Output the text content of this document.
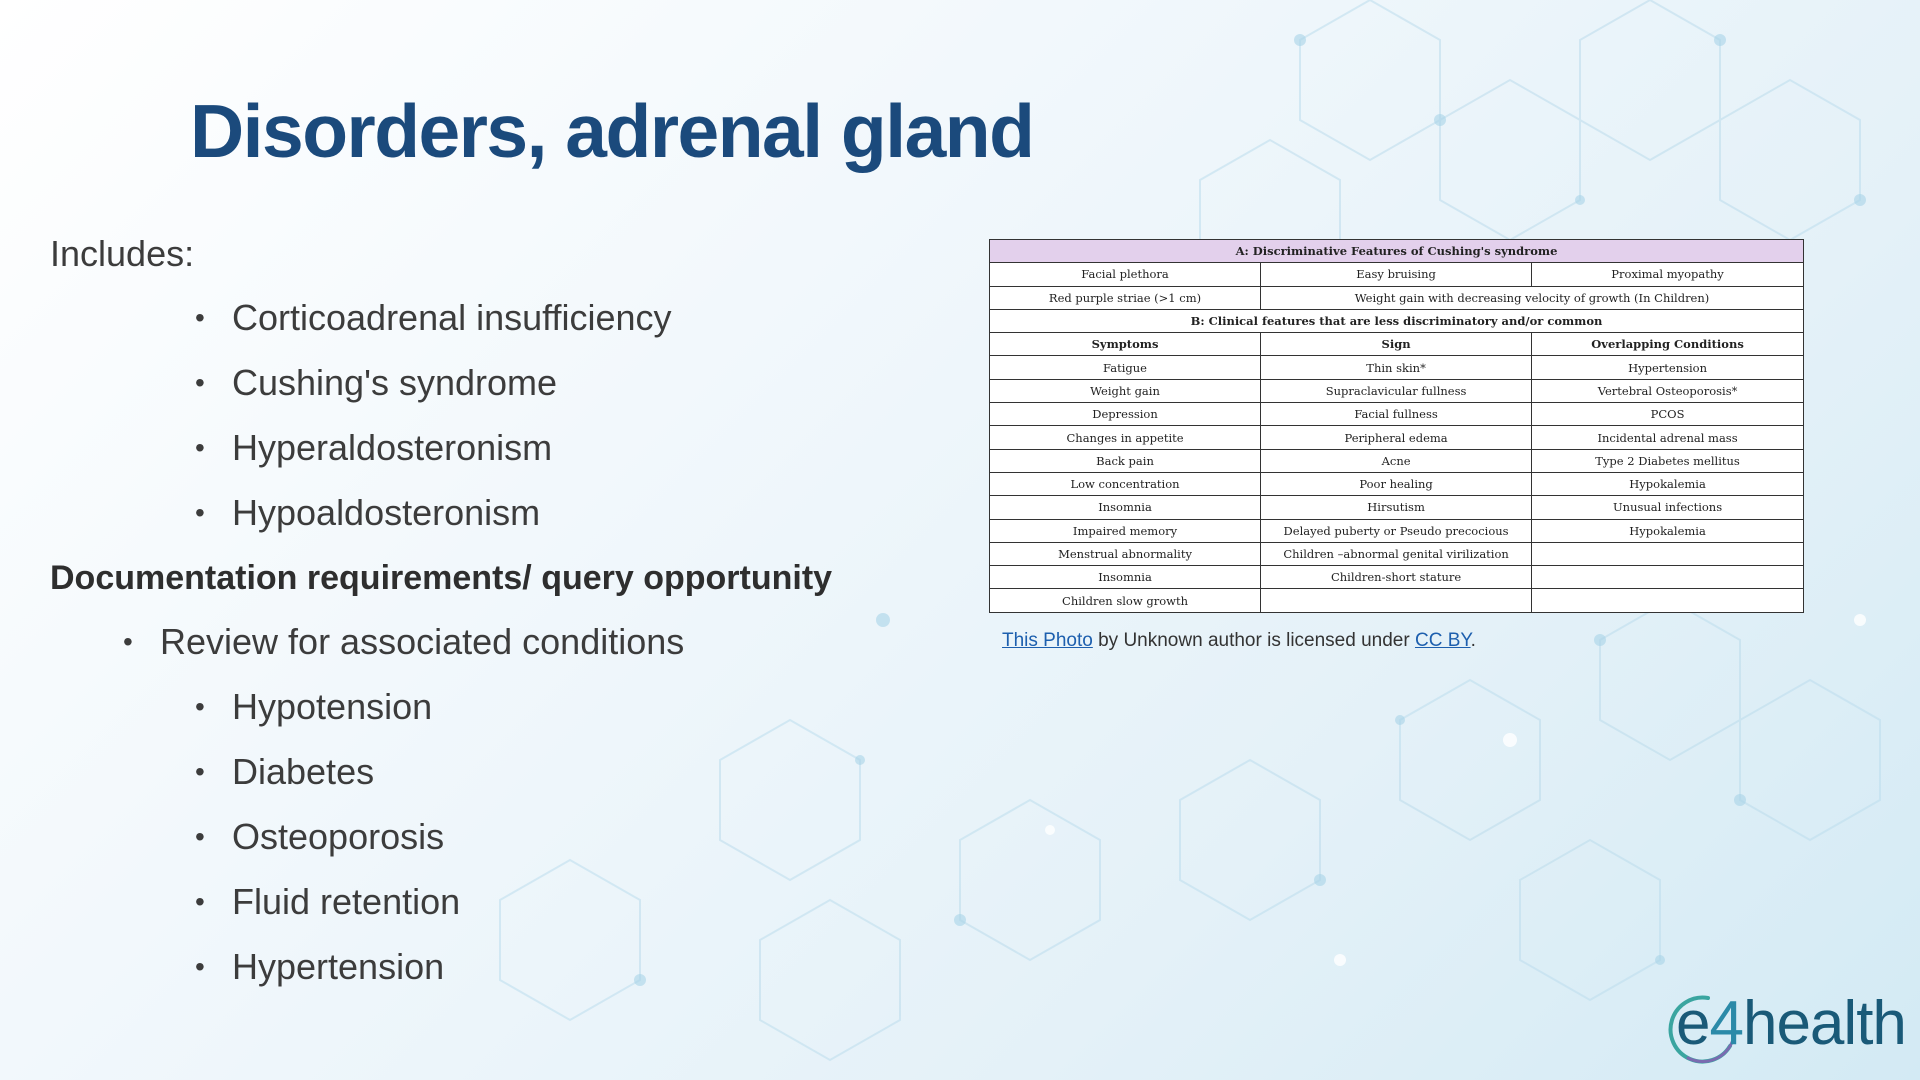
Disorders, adrenal gland

Includes:

• Corticoadrenal insufficiency
• Cushing's syndrome
• Hyperaldosteronism
• Hypoaldosteronism

Documentation requirements/ query opportunity

• Review for associated conditions
• Hypotension
• Diabetes
• Osteoporosis
• Fluid retention
• Hypertension
A: Discriminative Features of Cushing's syndrome		
Facial plethora	Easy bruising	Proximal myopathy
Red purple striae (>1 cm)	Weight gain with decreasing velocity of growth (In Children)	
B: Clinical features that are less discriminatory and/or common		
Symptoms	Sign	Overlapping Conditions
Fatigue	Thin skin*	Hypertension
Weight gain	Supraclavicular fullness	Vertebral Osteoporosis*
Depression	Facial fullness	PCOS
Changes in appetite	Peripheral edema	Incidental adrenal mass
Back pain	Acne	Type 2 Diabetes mellitus
Low concentration	Poor healing	Hypokalemia
Insomnia	Hirsutism	Unusual infections
Impaired memory	Delayed puberty or Pseudo precocious	Hypokalemia
Menstrual abnormality	Children –abnormal genital virilization	
Insomnia	Children-short stature	
Children slow growth		
This Photo by Unknown author is licensed under CC BY.
e4health
